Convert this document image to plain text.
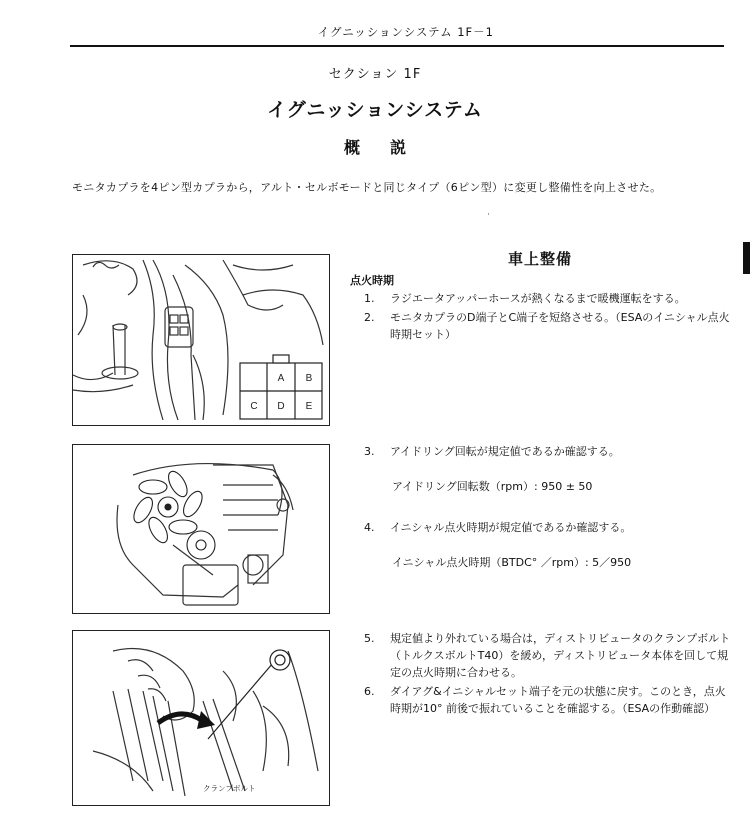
イグニッションシステム 1F－1
セクション 1F
イグニッションシステム
概説
モニタカプラを4ピン型カプラから，アルト・セルボモードと同じタイプ（6ピン型）に変更し整備性を向上させた。
·
A B
C D E
クランプボルト
車上整備
点火時期
1.	ラジエータアッパーホースが熱くなるまで暖機運転をする。
2.	モニタカプラのD端子とC端子を短絡させる。（ESAのイニシャル点火時期セット）
3.	アイドリング回転が規定値であるか確認する。
アイドリング回転数（rpm）: 950 ± 50
4.	イニシャル点火時期が規定値であるか確認する。
イニシャル点火時期（BTDC° ／rpm）: 5／950
5.	規定値より外れている場合は，ディストリビュータのクランプボルト（トルクスボルトT40）を緩め，ディストリビュータ本体を回して規定の点火時期に合わせる。
6.	ダイアグ&イニシャルセット端子を元の状態に戻す。このとき，点火時期が10° 前後で振れていることを確認する。（ESAの作動確認）
